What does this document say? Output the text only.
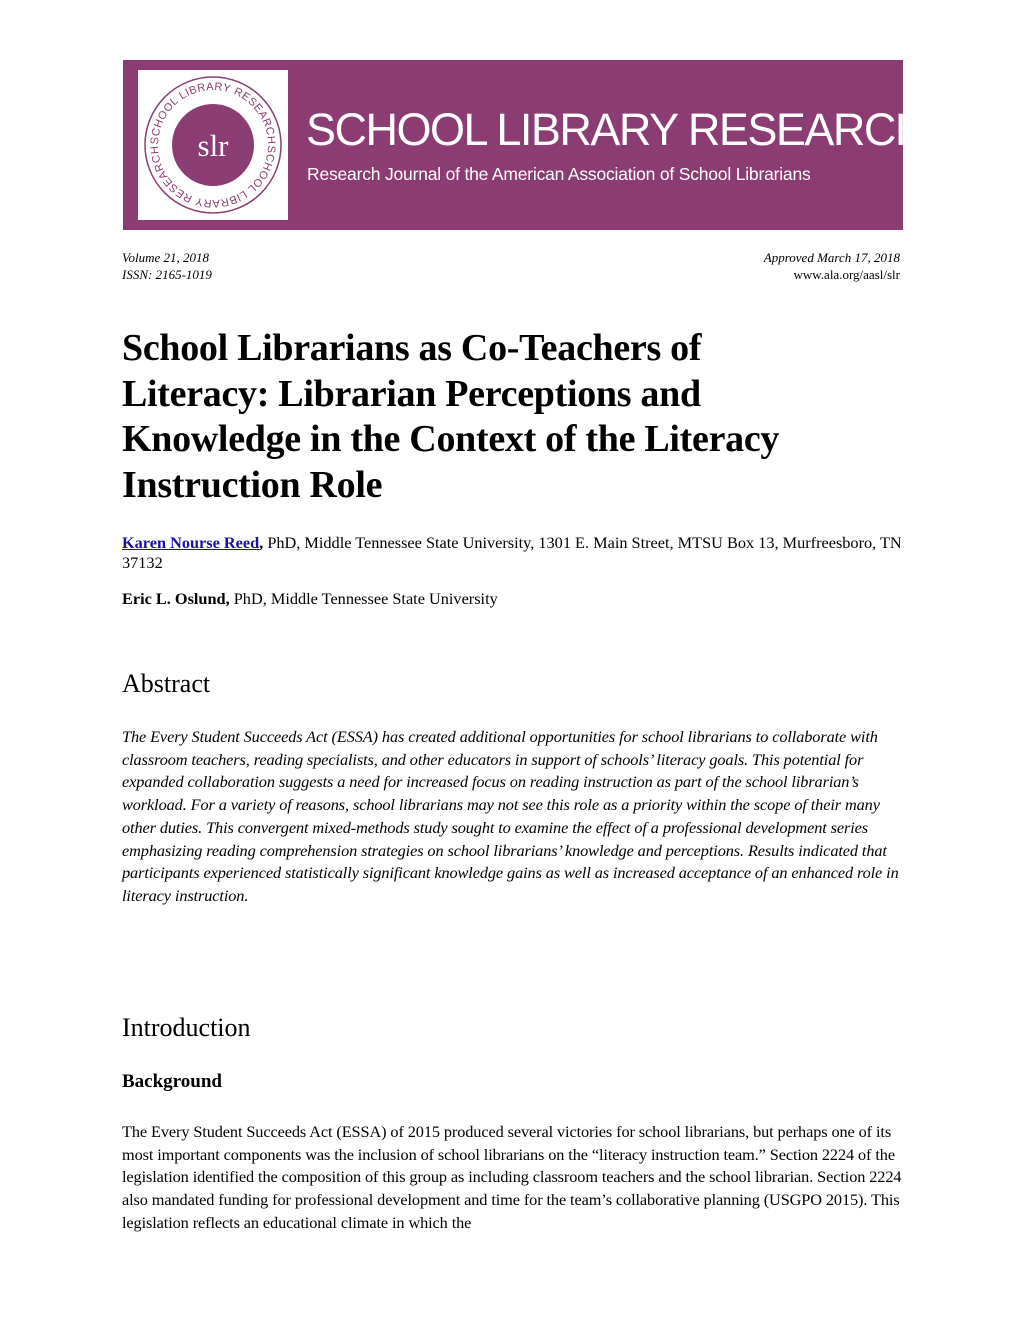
SCHOOL LIBRARY RESEARCH
SCHOOL LIBRARY RESEARCH	slr SCHOOL LIBRARY RESEARCH
Research Journal of the American Association of School Librarians
Volume 21, 2018
ISSN: 2165-1019
Approved March 17, 2018
www.ala.org/aasl/slr
School Librarians as Co-Teachers of
Literacy: Librarian Perceptions and
Knowledge in the Context of the Literacy
Instruction Role
Karen Nourse Reed, PhD, Middle Tennessee State University, 1301 E. Main Street, MTSU Box 13, Murfreesboro, TN 37132
Eric L. Oslund, PhD, Middle Tennessee State University
Abstract
The Every Student Succeeds Act (ESSA) has created additional opportunities for school librarians to collaborate with classroom teachers, reading specialists, and other educators in support of schools’ literacy goals. This potential for expanded collaboration suggests a need for increased focus on reading instruction as part of the school librarian’s workload. For a variety of reasons, school librarians may not see this role as a priority within the scope of their many other duties. This convergent mixed-methods study sought to examine the effect of a professional development series emphasizing reading comprehension strategies on school librarians’ knowledge and perceptions. Results indicated that participants experienced statistically significant knowledge gains as well as increased acceptance of an enhanced role in literacy instruction.
Introduction
Background
The Every Student Succeeds Act (ESSA) of 2015 produced several victories for school librarians, but perhaps one of its most important components was the inclusion of school librarians on the “literacy instruction team.” Section 2224 of the legislation identified the composition of this group as including classroom teachers and the school librarian. Section 2224 also mandated funding for professional development and time for the team’s collaborative planning (USGPO 2015). This legislation reflects an educational climate in which the
